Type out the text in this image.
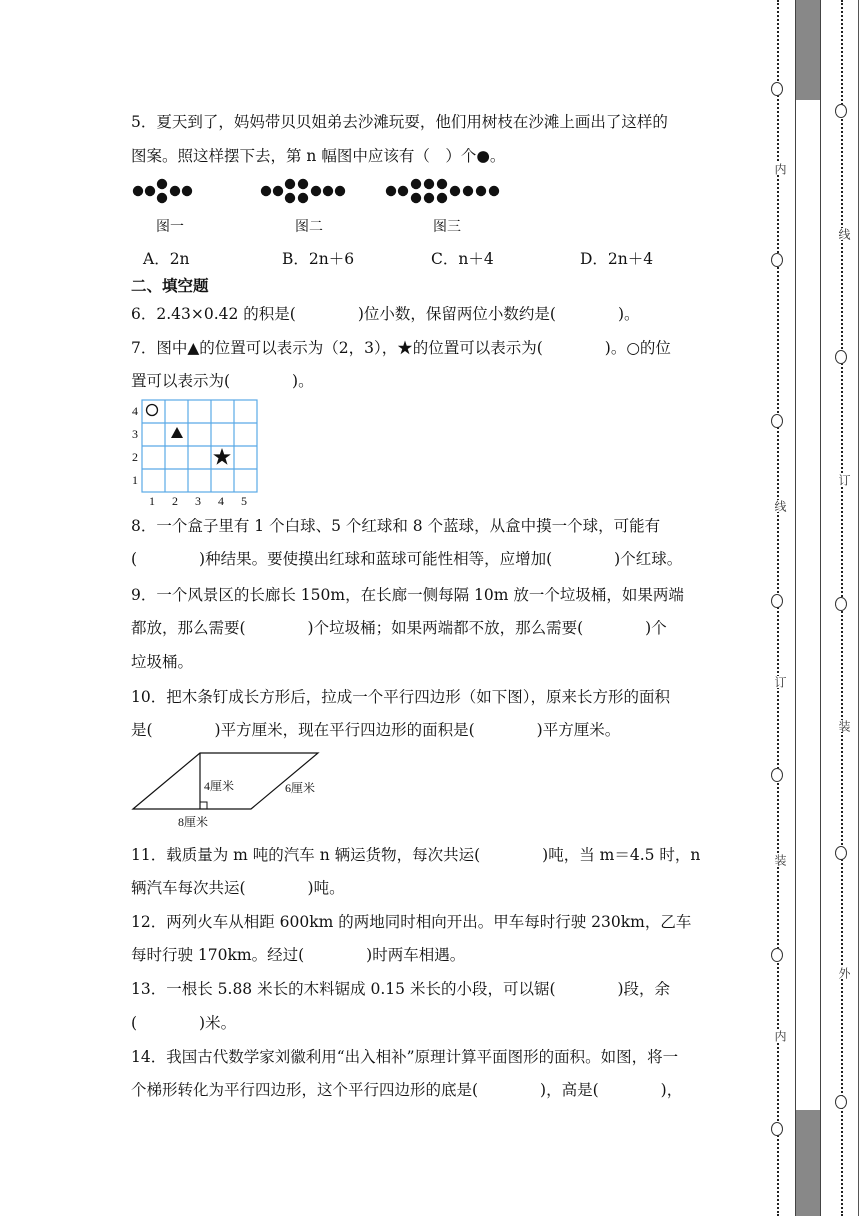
5．夏天到了，妈妈带贝贝姐弟去沙滩玩耍，他们用树枝在沙滩上画出了这样的
图案。照这样摆下去，第 n 幅图中应该有（　）个●。
图一	图二	图三
A．2n	B．2n＋6	C．n＋4	D．2n＋4
二、填空题
6．2.43×0.42 的积是(　　　　)位小数，保留两位小数约是(　　　　)。
7．图中▲的位置可以表示为（2，3），★的位置可以表示为(　　　　)。○的位
置可以表示为(　　　　)。
4
3
2
1
1 2 3 4 5
8．一个盒子里有 1 个白球、5 个红球和 8 个蓝球，从盒中摸一个球，可能有
(　　　　)种结果。要使摸出红球和蓝球可能性相等，应增加(　　　　)个红球。
9．一个风景区的长廊长 150m，在长廊一侧每隔 10m 放一个垃圾桶，如果两端
都放，那么需要(　　　　)个垃圾桶；如果两端都不放，那么需要(　　　　)个
垃圾桶。
10．把木条钉成长方形后，拉成一个平行四边形（如下图），原来长方形的面积
是(　　　　)平方厘米，现在平行四边形的面积是(　　　　)平方厘米。
4厘米	6厘米
8厘米
11．载质量为 m 吨的汽车 n 辆运货物，每次共运(　　　　)吨，当 m＝4.5 时，n
辆汽车每次共运(　　　　)吨。
12．两列火车从相距 600km 的两地同时相向开出。甲车每时行驶 230km，乙车
每时行驶 170km。经过(　　　　)时两车相遇。
13．一根长 5.88 米长的木料锯成 0.15 米长的小段，可以锯(　　　　)段，余
(　　　　)米。
14．我国古代数学家刘徽利用“出入相补”原理计算平面图形的面积。如图，将一
个梯形转化为平行四边形，这个平行四边形的底是(　　　　)，高是(　　　　)，
内
线
订
装
内
线
订
装
外
